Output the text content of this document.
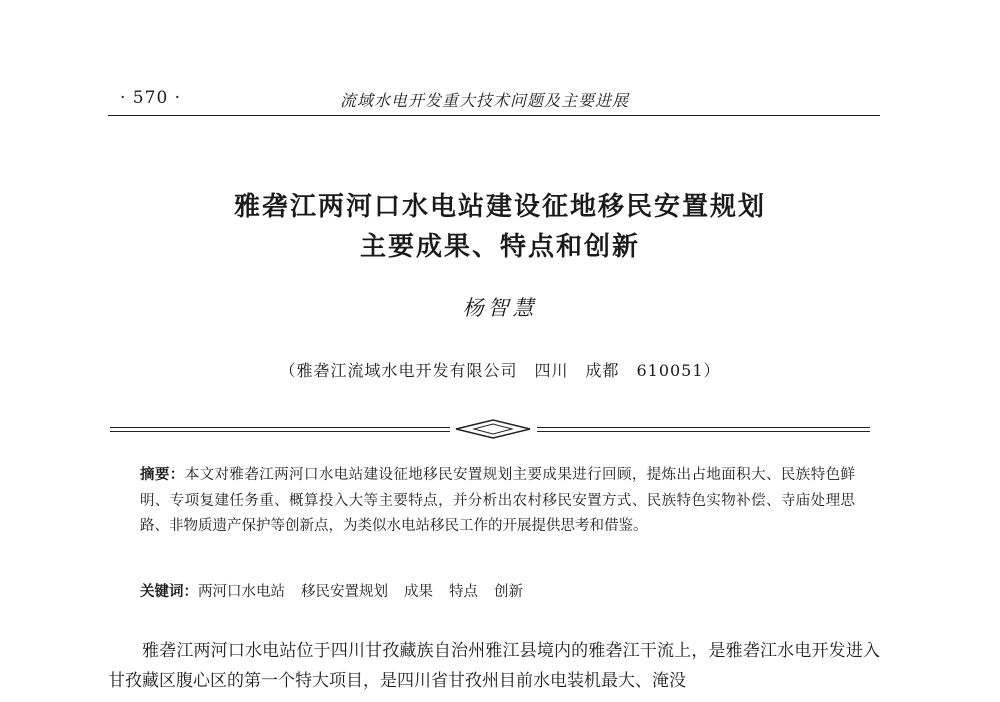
· 570 ·	流域水电开发重大技术问题及主要进展
雅砻江两河口水电站建设征地移民安置规划
主要成果、特点和创新
杨智慧
（雅砻江流域水电开发有限公司　四川　成都　610051）
摘要：本文对雅砻江两河口水电站建设征地移民安置规划主要成果进行回顾，提炼出占地面积大、民族特色鲜明、专项复建任务重、概算投入大等主要特点，并分析出农村移民安置方式、民族特色实物补偿、寺庙处理思路、非物质遗产保护等创新点，为类似水电站移民工作的开展提供思考和借鉴。
关键词：两河口水电站 移民安置规划 成果 特点 创新
雅砻江两河口水电站位于四川甘孜藏族自治州雅江县境内的雅砻江干流上，是雅砻江水电开发进入甘孜藏区腹心区的第一个特大项目，是四川省甘孜州目前水电装机最大、淹没
